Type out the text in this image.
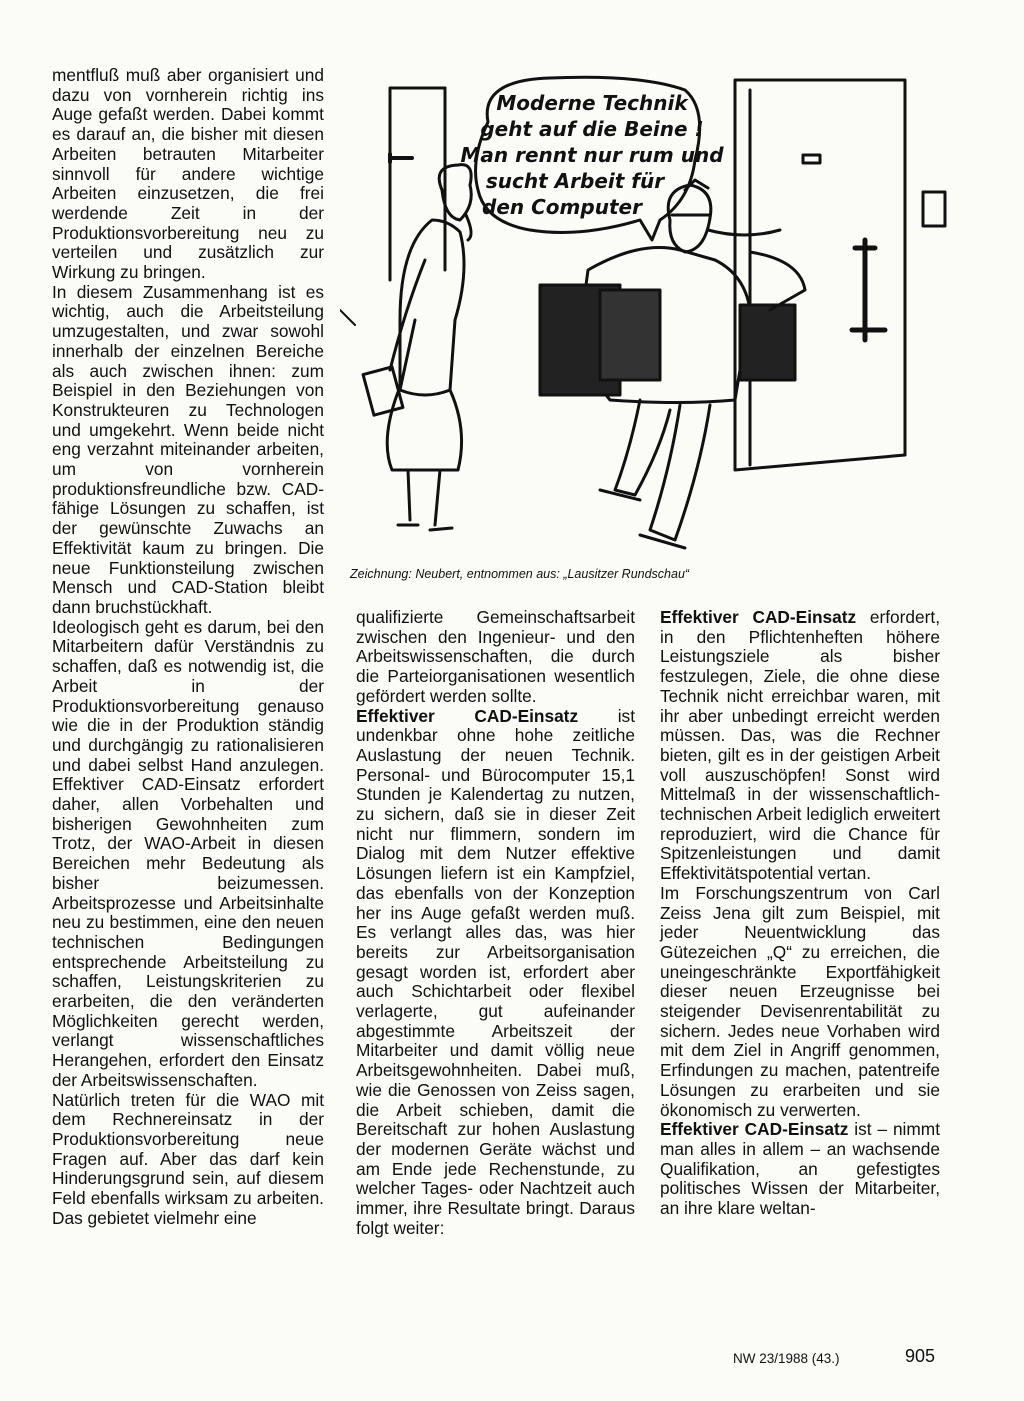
mentfluß muß aber organisiert und dazu von vornherein richtig ins Auge gefaßt werden. Dabei kommt es darauf an, die bisher mit diesen Arbeiten betrauten Mitarbeiter sinnvoll für andere wichtige Arbeiten einzusetzen, die frei werdende Zeit in der Produktionsvorbereitung neu zu verteilen und zusätzlich zur Wirkung zu bringen.

In diesem Zusammenhang ist es wichtig, auch die Arbeitsteilung umzugestalten, und zwar sowohl innerhalb der einzelnen Bereiche als auch zwischen ihnen: zum Beispiel in den Beziehungen von Konstrukteuren zu Technologen und umgekehrt. Wenn beide nicht eng verzahnt miteinander arbeiten, um von vornherein produktionsfreundliche bzw. CAD-fähige Lösungen zu schaffen, ist der gewünschte Zuwachs an Effektivität kaum zu bringen. Die neue Funktionsteilung zwischen Mensch und CAD-Station bleibt dann bruchstückhaft.

Ideologisch geht es darum, bei den Mitarbeitern dafür Verständnis zu schaffen, daß es notwendig ist, die Arbeit in der Produktionsvorbereitung genauso wie die in der Produktion ständig und durchgängig zu rationalisieren und dabei selbst Hand anzulegen. Effektiver CAD-Einsatz erfordert daher, allen Vorbehalten und bisherigen Gewohnheiten zum Trotz, der WAO-Arbeit in diesen Bereichen mehr Bedeutung als bisher beizumessen. Arbeitsprozesse und Arbeitsinhalte neu zu bestimmen, eine den neuen technischen Bedingungen entsprechende Arbeitsteilung zu schaffen, Leistungskriterien zu erarbeiten, die den veränderten Möglichkeiten gerecht werden, verlangt wissenschaftliches Herangehen, erfordert den Einsatz der Arbeitswissenschaften.

Natürlich treten für die WAO mit dem Rechnereinsatz in der Produktionsvorbereitung neue Fragen auf. Aber das darf kein Hinderungsgrund sein, auf diesem Feld ebenfalls wirksam zu arbeiten. Das gebietet vielmehr eine

Moderne Technik
geht auf die Beine !
Man rennt nur rum und
sucht Arbeit für
den Computer
Zeichnung: Neubert, entnommen aus: „Lausitzer Rundschau“

qualifizierte Gemeinschaftsarbeit zwischen den Ingenieur- und den Arbeitswissenschaften, die durch die Parteiorganisationen wesentlich gefördert werden sollte.

Effektiver CAD-Einsatz ist undenkbar ohne hohe zeitliche Auslastung der neuen Technik. Personal- und Bürocomputer 15,1 Stunden je Kalendertag zu nutzen, zu sichern, daß sie in dieser Zeit nicht nur flimmern, sondern im Dialog mit dem Nutzer effektive Lösungen liefern ist ein Kampfziel, das ebenfalls von der Konzeption her ins Auge gefaßt werden muß. Es verlangt alles das, was hier bereits zur Arbeitsorganisation gesagt worden ist, erfordert aber auch Schichtarbeit oder flexibel verlagerte, gut aufeinander abgestimmte Arbeitszeit der Mitarbeiter und damit völlig neue Arbeitsgewohnheiten. Dabei muß, wie die Genossen von Zeiss sagen, die Arbeit schieben, damit die Bereitschaft zur hohen Auslastung der modernen Geräte wächst und am Ende jede Rechenstunde, zu welcher Tages- oder Nachtzeit auch immer, ihre Resultate bringt. Daraus folgt weiter:

Effektiver CAD-Einsatz erfordert, in den Pflichtenheften höhere Leistungsziele als bisher festzulegen, Ziele, die ohne diese Technik nicht erreichbar waren, mit ihr aber unbedingt erreicht werden müssen. Das, was die Rechner bieten, gilt es in der geistigen Arbeit voll auszuschöpfen! Sonst wird Mittelmaß in der wissenschaftlich-technischen Arbeit lediglich erweitert reproduziert, wird die Chance für Spitzenleistungen und damit Effektivitätspotential vertan.

Im Forschungszentrum von Carl Zeiss Jena gilt zum Beispiel, mit jeder Neuentwicklung das Gütezeichen „Q“ zu erreichen, die uneingeschränkte Exportfähigkeit dieser neuen Erzeugnisse bei steigender Devisenrentabilität zu sichern. Jedes neue Vorhaben wird mit dem Ziel in Angriff genommen, Erfindungen zu machen, patentreife Lösungen zu erarbeiten und sie ökonomisch zu verwerten.

Effektiver CAD-Einsatz ist – nimmt man alles in allem – an wachsende Qualifikation, an gefestigtes politisches Wissen der Mitarbeiter, an ihre klare weltan-

NW 23/1988 (43.)	905
